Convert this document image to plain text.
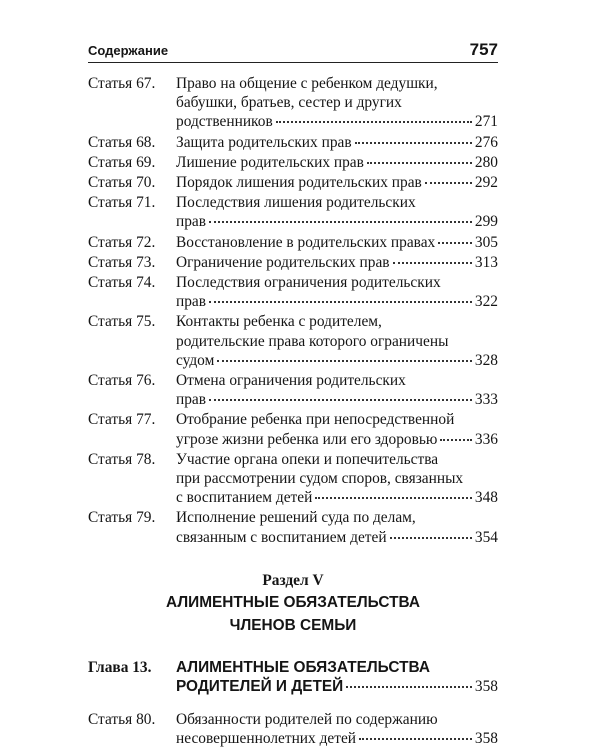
Содержание	757
Статья 67. Право на общение с ребенком дедушки,
бабушки, братьев, сестер и других
родственников	271
Статья 68. Защита родительских прав	276
Статья 69. Лишение родительских прав	280
Статья 70. Порядок лишения родительских прав	292
Статья 71. Последствия лишения родительских
прав	299
Статья 72. Восстановление в родительских правах	305
Статья 73. Ограничение родительских прав	313
Статья 74. Последствия ограничения родительских
прав	322
Статья 75. Контакты ребенка с родителем,
родительские права которого ограничены
судом	328
Статья 76. Отмена ограничения родительских
прав	333
Статья 77. Отобрание ребенка при непосредственной
угрозе жизни ребенка или его здоровью 336
Статья 78. Участие органа опеки и попечительства
при рассмотрении судом споров, связанных
с воспитанием детей	348
Статья 79. Исполнение решений суда по делам,
связанным с воспитанием детей	354
Раздел V
АЛИМЕНТНЫЕ ОБЯЗАТЕЛЬСТВА
ЧЛЕНОВ СЕМЬИ
Глава 13. АЛИМЕНТНЫЕ ОБЯЗАТЕЛЬСТВА
РОДИТЕЛЕЙ И ДЕТЕЙ	358
Статья 80. Обязанности родителей по содержанию
несовершеннолетних детей	358
